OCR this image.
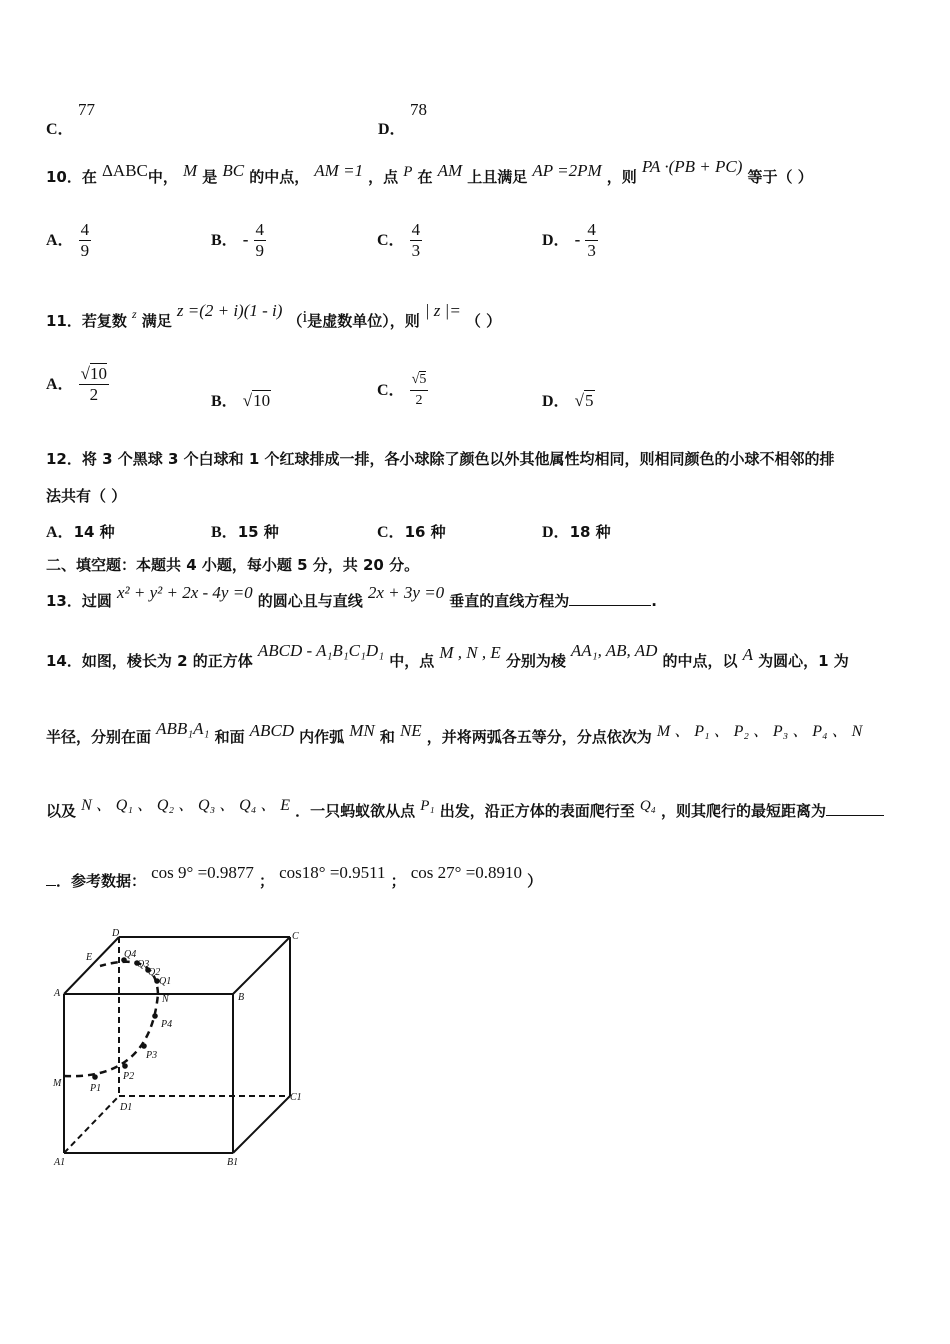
C．
77
D．
78
10．在 ΔABC中， M 是 BC 的中点， AM =1 ，点 P 在 AM 上且满足 AP =2PM ，则 PA ·(PB + PC) 等于（ ）
A． $\frac{4}{9}$	B． - $\frac{4}{9}$	C． $\frac{4}{3}$	D． - $\frac{4}{3}$
11．若复数 $^z$ 满足 z =(2 + i)(1 - i) （i是虚数单位），则 | z |= （ ）
A． $\frac{√10}{2}$	B． √10
C． $\frac{√5}{2}$	D． √5
12．将 3 个黑球 3 个白球和 1 个红球排成一排，各小球除了颜色以外其他属性均相同，则相同颜色的小球不相邻的排
法共有（ ）
A．14 种	B．15 种	C．16 种	D．18 种
二、填空题：本题共 4 小题，每小题 5 分，共 20 分。
13．过圆 x² + y² + 2x - 4y =0 的圆心且与直线 2x + 3y =0 垂直的直线方程为	.
14．如图，棱长为 2 的正方体 ABCD - A₁B₁C₁D₁ 中，点 M , N , E 分别为棱 AA₁, AB, AD 的中点，以 A 为圆心，1 为
半径，分别在面 ABB₁A₁ 和面 ABCD 内作弧 MN 和 NE ，并将两弧各五等分，分点依次为 M 、 P₁ 、 P₂ 、 P₃ 、 P₄ 、 N
以及 N 、 Q₁ 、 Q₂ 、 Q₃ 、 Q₄ 、 E ．一只蚂蚁欲从点 P₁ 出发，沿正方体的表面爬行至 Q₄ ，则其爬行的最短距离为
．参考数据： cos 9° =0.9877 ； cos18° =0.9511 ； cos 27° =0.8910 ）
D	C
E
A	B
N
M
Q4
Q3
Q2
Q1
P4
P3
P2
P1
D1
C1
A1	B1
